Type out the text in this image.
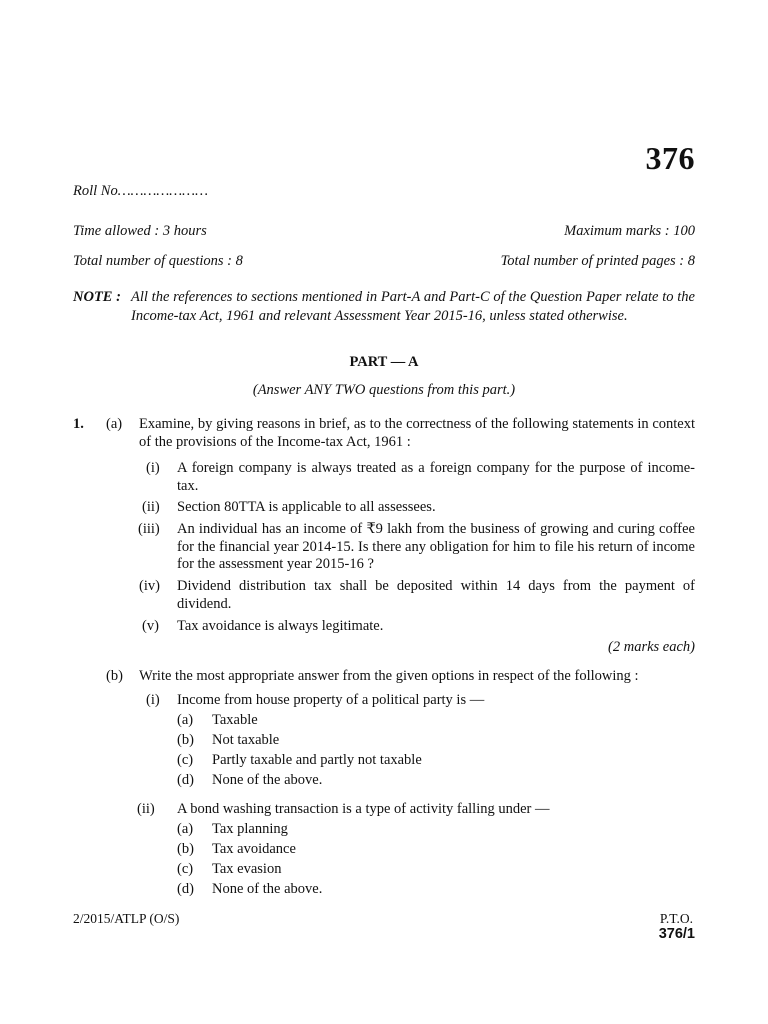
376
Roll No…………………
Time allowed : 3 hours	Maximum marks : 100
Total number of questions : 8	Total number of printed pages : 8
NOTE : All the references to sections mentioned in Part-A and Part-C of the Question Paper relate to the Income-tax Act, 1961 and relevant Assessment Year 2015-16, unless stated otherwise.
PART — A
(Answer ANY TWO questions from this part.)
1. (a) Examine, by giving reasons in brief, as to the correctness of the following statements in context of the provisions of the Income-tax Act, 1961 :
(i) A foreign company is always treated as a foreign company for the purpose of income-tax.
(ii) Section 80TTA is applicable to all assessees.
(iii) An individual has an income of ₹9 lakh from the business of growing and curing coffee for the financial year 2014-15. Is there any obligation for him to file his return of income for the assessment year 2015-16 ?
(iv) Dividend distribution tax shall be deposited within 14 days from the payment of dividend.
(v) Tax avoidance is always legitimate.
(2 marks each)
(b) Write the most appropriate answer from the given options in respect of the following :
(i) Income from house property of a political party is —
(a) Taxable
(b) Not taxable
(c) Partly taxable and partly not taxable
(d) None of the above.
(ii) A bond washing transaction is a type of activity falling under —
(a) Tax planning
(b) Tax avoidance
(c) Tax evasion
(d) None of the above.
2/2015/ATLP (O/S)	P.T.O.
376/1
